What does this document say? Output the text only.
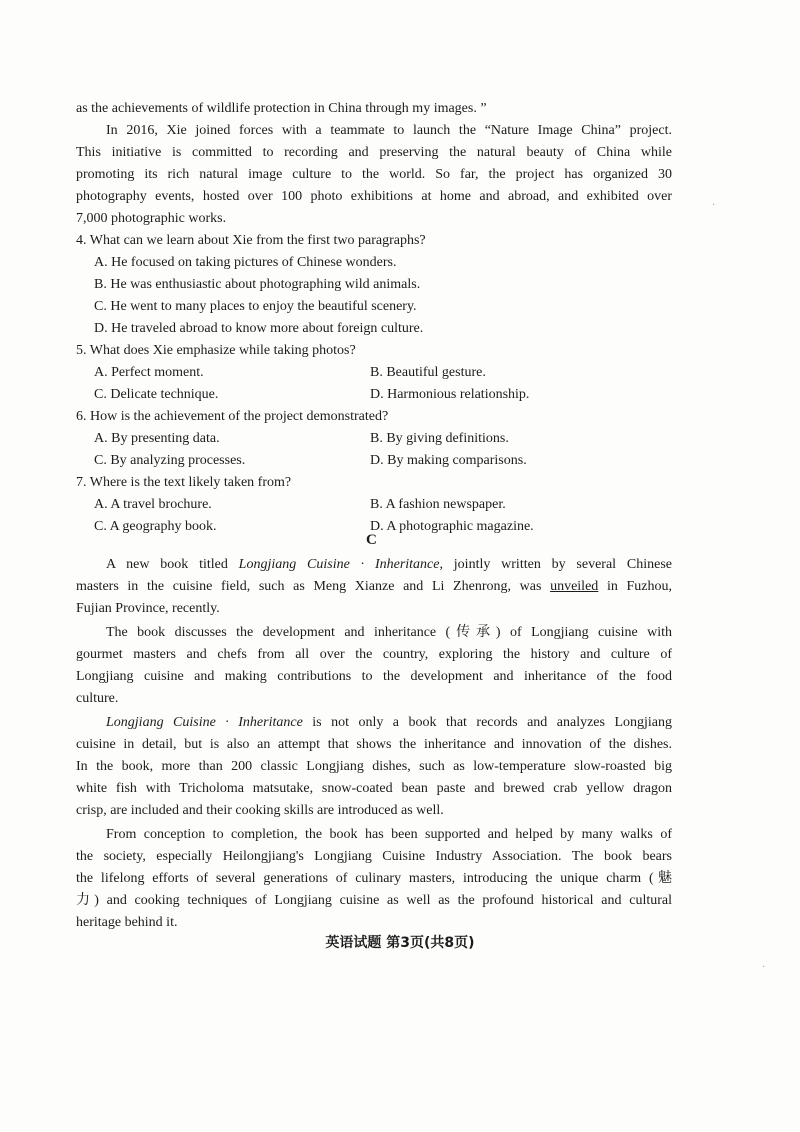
as the achievements of wildlife protection in China through my images. ”
In 2016, Xie joined forces with a teammate to launch the “Nature Image China” project.
This initiative is committed to recording and preserving the natural beauty of China while
promoting its rich natural image culture to the world. So far, the project has organized 30
photography events, hosted over 100 photo exhibitions at home and abroad, and exhibited over
7,000 photographic works.
4. What can we learn about Xie from the first two paragraphs?
A. He focused on taking pictures of Chinese wonders.
B. He was enthusiastic about photographing wild animals.
C. He went to many places to enjoy the beautiful scenery.
D. He traveled abroad to know more about foreign culture.
5. What does Xie emphasize while taking photos?
A. Perfect moment.	B. Beautiful gesture.
C. Delicate technique.	D. Harmonious relationship.
6. How is the achievement of the project demonstrated?
A. By presenting data.	B. By giving definitions.
C. By analyzing processes.	D. By making comparisons.
7. Where is the text likely taken from?
A. A travel brochure.	B. A fashion newspaper.
C. A geography book.	D. A photographic magazine.
C
A new book titled Longjiang Cuisine · Inheritance, jointly written by several Chinese
masters in the cuisine field, such as Meng Xianze and Li Zhenrong, was unveiled in Fuzhou,
Fujian Province, recently.
The book discusses the development and inheritance (传承) of Longjiang cuisine with
gourmet masters and chefs from all over the country, exploring the history and culture of
Longjiang cuisine and making contributions to the development and inheritance of the food
culture.
Longjiang Cuisine · Inheritance is not only a book that records and analyzes Longjiang
cuisine in detail, but is also an attempt that shows the inheritance and innovation of the dishes.
In the book, more than 200 classic Longjiang dishes, such as low-temperature slow-roasted big
white fish with Tricholoma matsutake, snow-coated bean paste and brewed crab yellow dragon
crisp, are included and their cooking skills are introduced as well.
From conception to completion, the book has been supported and helped by many walks of
the society, especially Heilongjiang's Longjiang Cuisine Industry Association. The book bears
the lifelong efforts of several generations of culinary masters, introducing the unique charm (魅
力) and cooking techniques of Longjiang cuisine as well as the profound historical and cultural
heritage behind it.
英语试题 第3页(共8页)
·
·
